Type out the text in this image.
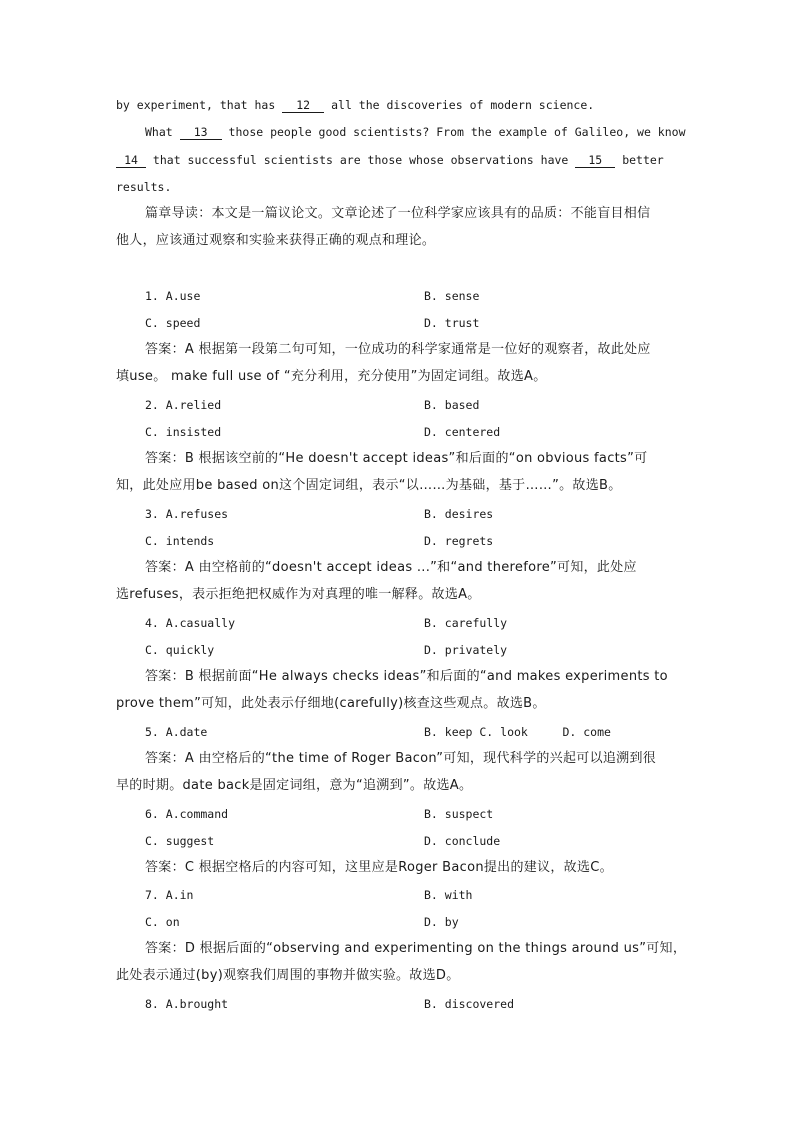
by experiment, that has 12 all the discoveries of modern science.
What 13 those people good scientists? From the example of Galileo, we know
14 that successful scientists are those whose observations have 15 better
results.
篇章导读：本文是一篇议论文。文章论述了一位科学家应该具有的品质：不能盲目相信
他人，应该通过观察和实验来获得正确的观点和理论。
1. A.use	B. sense
C. speed	D. trust
答案：A 根据第一段第二句可知，一位成功的科学家通常是一位好的观察者，故此处应
填use。 make full use of “充分利用，充分使用”为固定词组。故选A。
2. A.relied	B. based
C. insisted	D. centered
答案：B 根据该空前的“He doesn't accept ideas”和后面的“on obvious facts”可
知，此处应用be based on这个固定词组，表示“以……为基础，基于……”。故选B。
3. A.refuses	B. desires
C. intends	D. regrets
答案：A 由空格前的“doesn't accept ideas ...”和“and therefore”可知，此处应
选refuses，表示拒绝把权威作为对真理的唯一解释。故选A。
4. A.casually	B. carefully
C. quickly	D. privately
答案：B 根据前面“He always checks ideas”和后面的“and makes experiments to
prove them”可知，此处表示仔细地(carefully)核查这些观点。故选B。
5. A.date	B. keep C. look     D. come
答案：A 由空格后的“the time of Roger Bacon”可知，现代科学的兴起可以追溯到很
早的时期。date back是固定词组，意为“追溯到”。故选A。
6. A.command	B. suspect
C. suggest	D. conclude
答案：C 根据空格后的内容可知，这里应是Roger Bacon提出的建议，故选C。
7. A.in	B. with
C. on	D. by
答案：D 根据后面的“observing and experimenting on the things around us”可知，
此处表示通过(by)观察我们周围的事物并做实验。故选D。
8. A.brought	B. discovered
